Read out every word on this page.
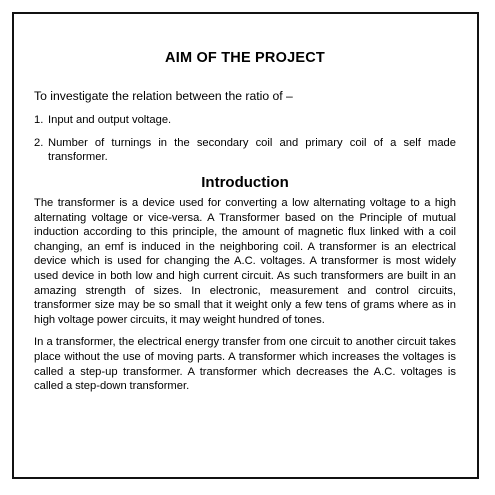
AIM OF THE PROJECT

To investigate the relation between the ratio of –

1. Input and output voltage.
2. Number of turnings in the secondary coil and primary coil of a self made transformer.
Introduction

The transformer is a device used for converting a low alternating voltage to a high alternating voltage or vice-versa. A Transformer based on the Principle of mutual induction according to this principle, the amount of magnetic flux linked with a coil changing, an emf is induced in the neighboring coil. A transformer is an electrical device which is used for changing the A.C. voltages. A transformer is most widely used device in both low and high current circuit. As such transformers are built in an amazing strength of sizes. In electronic, measurement and control circuits, transformer size may be so small that it weight only a few tens of grams where as in high voltage power circuits, it may weight hundred of tones.

In a transformer, the electrical energy transfer from one circuit to another circuit takes place without the use of moving parts. A transformer which increases the voltages is called a step-up transformer. A transformer which decreases the A.C. voltages is called a step-down transformer.
